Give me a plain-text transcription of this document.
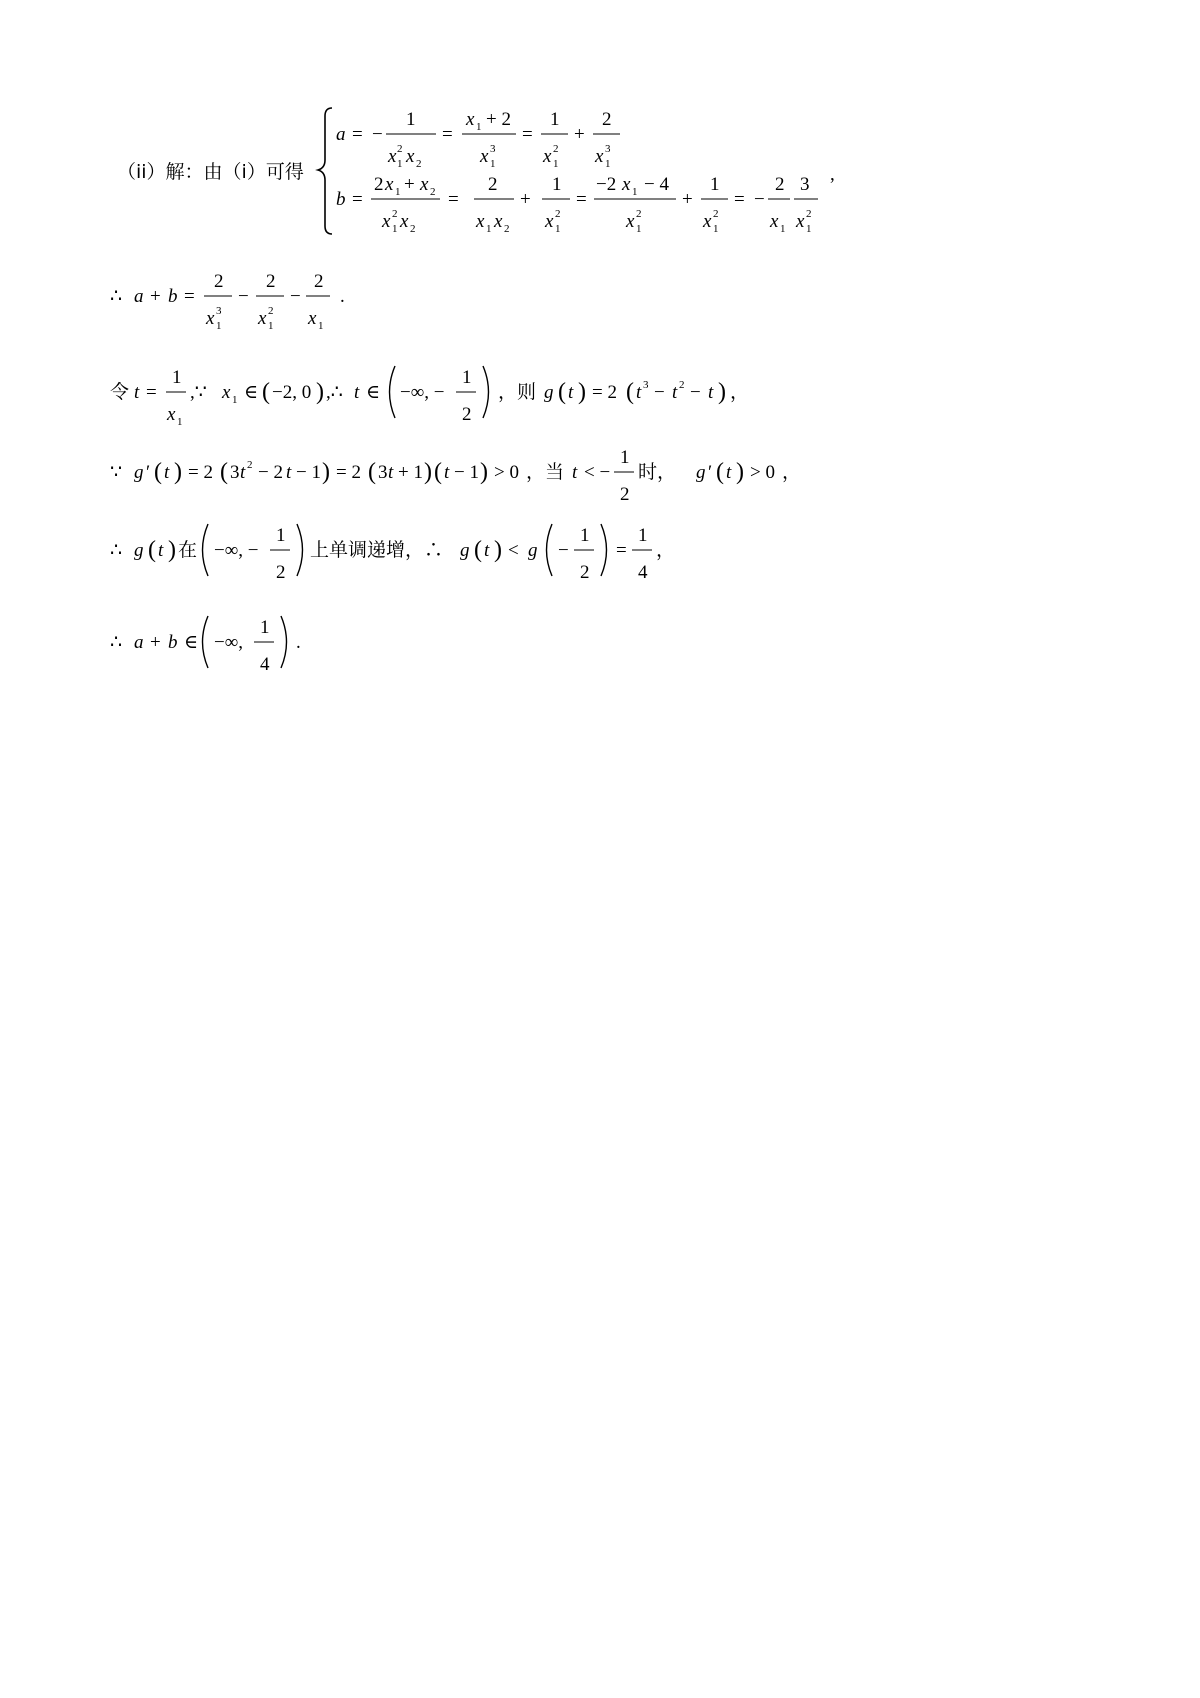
（ii）解：由（i）可得
a = −
1
x 1
2 x 2
=
x 1 + 2
x 1
3
=
1
x 1
2
+
2
x 1
3
b =
2 x 1 + x 2
x 1
2 x 2
=
2
x 1 x 2
+
1
x 1
2
=
−2 x 1 − 4
x 1
2
+
1
x 1
2
= −
2
x 1
3
x 1
2
,
∴ a + b =
2
x 1
3
−
2
x 1
2
−
2
x 1
.
令 t =
1
x 1
,∵ x 1 ∈ ( −2, 0 ) ,∴ t ∈ −∞, −
1
2
，则 g ( t ) = 2 ( t 3 − t 2 − t ) ，
∵ g ′ ( t ) = 2 ( 3 t 2 − 2 t − 1 ) = 2 ( 3 t + 1 ) ( t − 1 ) > 0 ，当 t < −
1
2
时， g ′ ( t ) > 0 ，
∴ g ( t ) 在 −∞, −
1
2
上单调递增，∴ g ( t ) < g −
1
2
=
1
4
，
∴ a + b ∈ −∞,
1
4
.
